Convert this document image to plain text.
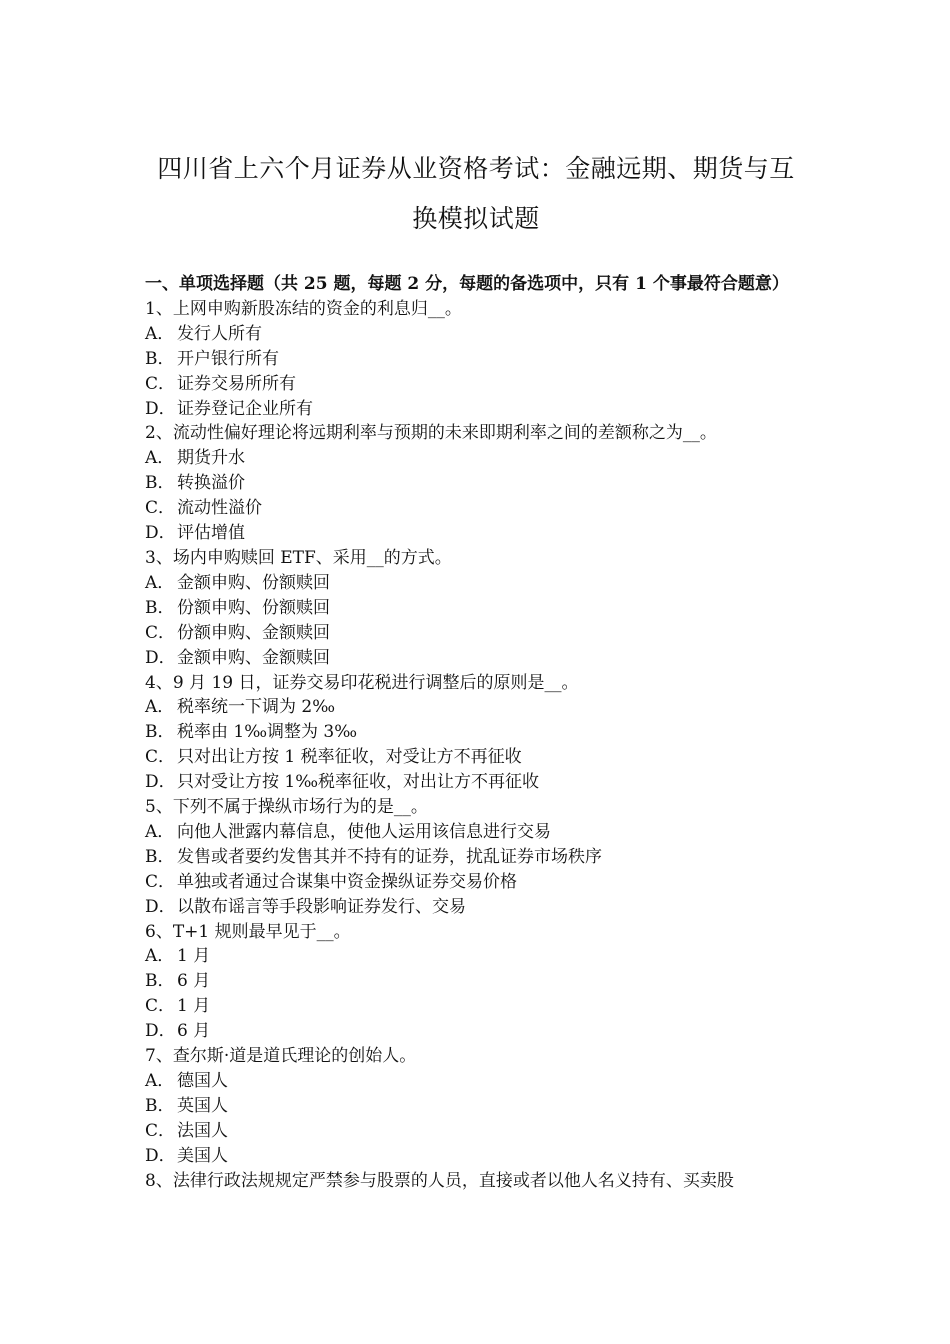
四川省上六个月证券从业资格考试：金融远期、期货与互
换模拟试题
一、单项选择题（共 25 题，每题 2 分，每题的备选项中，只有 1 个事最符合题意）
1、上网申购新股冻结的资金的利息归__。
A． 发行人所有
B． 开户银行所有
C． 证券交易所所有
D．证券登记企业所有
2、流动性偏好理论将远期利率与预期的未来即期利率之间的差额称之为__。
A． 期货升水
B． 转换溢价
C． 流动性溢价
D．评估增值
3、场内申购赎回 ETF、采用__的方式。
A． 金额申购、份额赎回
B． 份额申购、份额赎回
C． 份额申购、金额赎回
D．金额申购、金额赎回
4、9 月 19 日，证券交易印花税进行调整后的原则是__。
A． 税率统一下调为 2‰
B． 税率由 1‰调整为 3‰
C． 只对出让方按 1 税率征收，对受让方不再征收
D．只对受让方按 1‰税率征收，对出让方不再征收
5、下列不属于操纵市场行为的是__。
A． 向他人泄露内幕信息，使他人运用该信息进行交易
B． 发售或者要约发售其并不持有的证券，扰乱证券市场秩序
C． 单独或者通过合谋集中资金操纵证券交易价格
D．以散布谣言等手段影响证券发行、交易
6、T+1 规则最早见于__。
A． 1 月
B． 6 月
C． 1 月
D．6 月
7、查尔斯·道是道氏理论的创始人。
A． 德国人
B． 英国人
C． 法国人
D．美国人
8、法律行政法规规定严禁参与股票的人员，直接或者以他人名义持有、买卖股
